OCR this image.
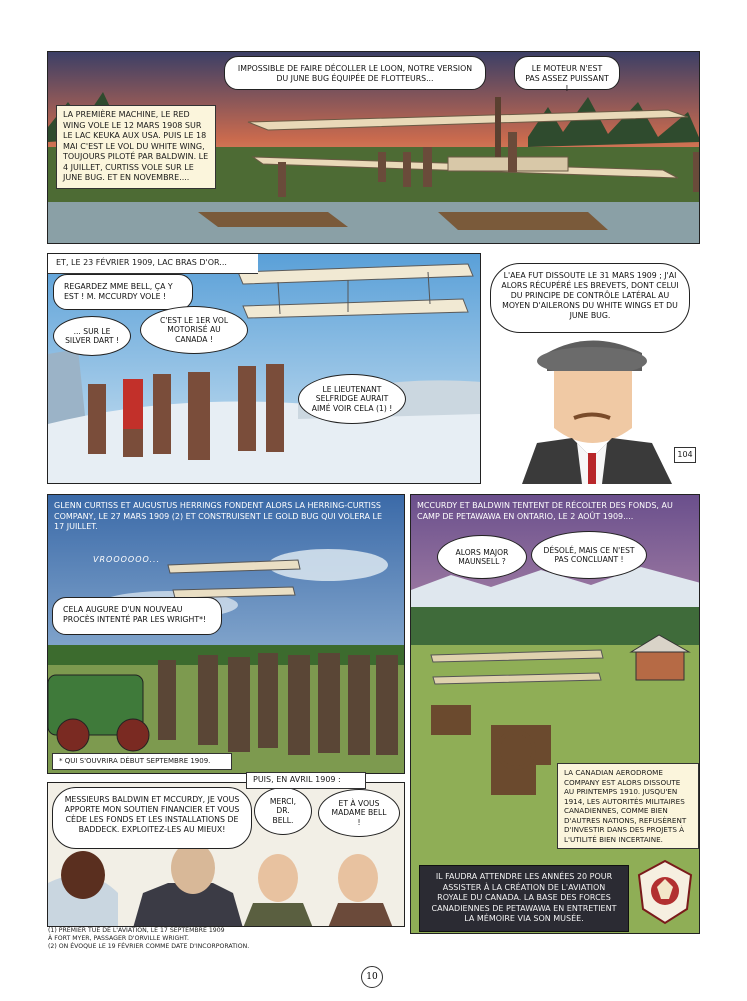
LA PREMIÈRE MACHINE, LE RED WING VOLE LE 12 MARS 1908 SUR LE LAC KEUKA AUX USA. PUIS LE 18 MAI C'EST LE VOL DU WHITE WING, TOUJOURS PILOTÉ PAR BALDWIN. LE 4 JUILLET, CURTISS VOLE SUR LE JUNE BUG. ET EN NOVEMBRE....
IMPOSSIBLE DE FAIRE DÉCOLLER LE LOON, NOTRE VERSION DU JUNE BUG ÉQUIPÉE DE FLOTTEURS...
LE MOTEUR N'EST PAS ASSEZ PUISSANT !
ET, LE 23 FÉVRIER 1909, LAC BRAS D'OR...
REGARDEZ MME BELL, ÇA Y EST ! M. MCCURDY VOLE !
... SUR LE SILVER DART !
C'EST LE 1ER VOL MOTORISÉ AU CANADA !
LE LIEUTENANT SELFRIDGE AURAIT AIMÉ VOIR CELA (1) !
L'AEA FUT DISSOUTE LE 31 MARS 1909 ; J'AI ALORS RÉCUPÉRÉ LES BREVETS, DONT CELUI DU PRINCIPE DE CONTRÔLE LATÉRAL AU MOYEN D'AILERONS DU WHITE WINGS ET DU JUNE BUG.
104
GLENN CURTISS ET AUGUSTUS HERRINGS FONDENT ALORS LA HERRING-CURTISS COMPANY, LE 27 MARS 1909 (2) ET CONSTRUISENT LE GOLD BUG QUI VOLERA LE 17 JUILLET.
VROOOOOO...
CELA AUGURE D'UN NOUVEAU PROCÈS INTENTÉ PAR LES WRIGHT*!
* QUI S'OUVRIRA DÉBUT SEPTEMBRE 1909.
MCCURDY ET BALDWIN TENTENT DE RÉCOLTER DES FONDS, AU CAMP DE PETAWAWA EN ONTARIO, LE 2 AOÛT 1909....
ALORS MAJOR MAUNSELL ?
DÉSOLÉ, MAIS CE N'EST PAS CONCLUANT !
LA CANADIAN AERODROME COMPANY EST ALORS DISSOUTE AU PRINTEMPS 1910. JUSQU'EN 1914, LES AUTORITÉS MILITAIRES CANADIENNES, COMME BIEN D'AUTRES NATIONS, REFUSÈRENT D'INVESTIR DANS DES PROJETS À L'UTILITÉ BIEN INCERTAINE.
IL FAUDRA ATTENDRE LES ANNÉES 20 POUR ASSISTER À LA CRÉATION DE L'AVIATION ROYALE DU CANADA. LA BASE DES FORCES CANADIENNES DE PETAWAWA EN ENTRETIENT LA MÉMOIRE VIA SON MUSÉE.
MESSIEURS BALDWIN ET MCCURDY, JE VOUS APPORTE MON SOUTIEN FINANCIER ET VOUS CÈDE LES FONDS ET LES INSTALLATIONS DE BADDECK. EXPLOITEZ-LES AU MIEUX!
MERCI, DR. BELL.
ET À VOUS MADAME BELL !
PUIS, EN AVRIL 1909 :
(1) PREMIER TUÉ DE L'AVIATION, LE 17 SEPTEMBRE 1909
À FORT MYER, PASSAGER D'ORVILLE WRIGHT.
(2) ON ÉVOQUE LE 19 FÉVRIER COMME DATE D'INCORPORATION.
10
